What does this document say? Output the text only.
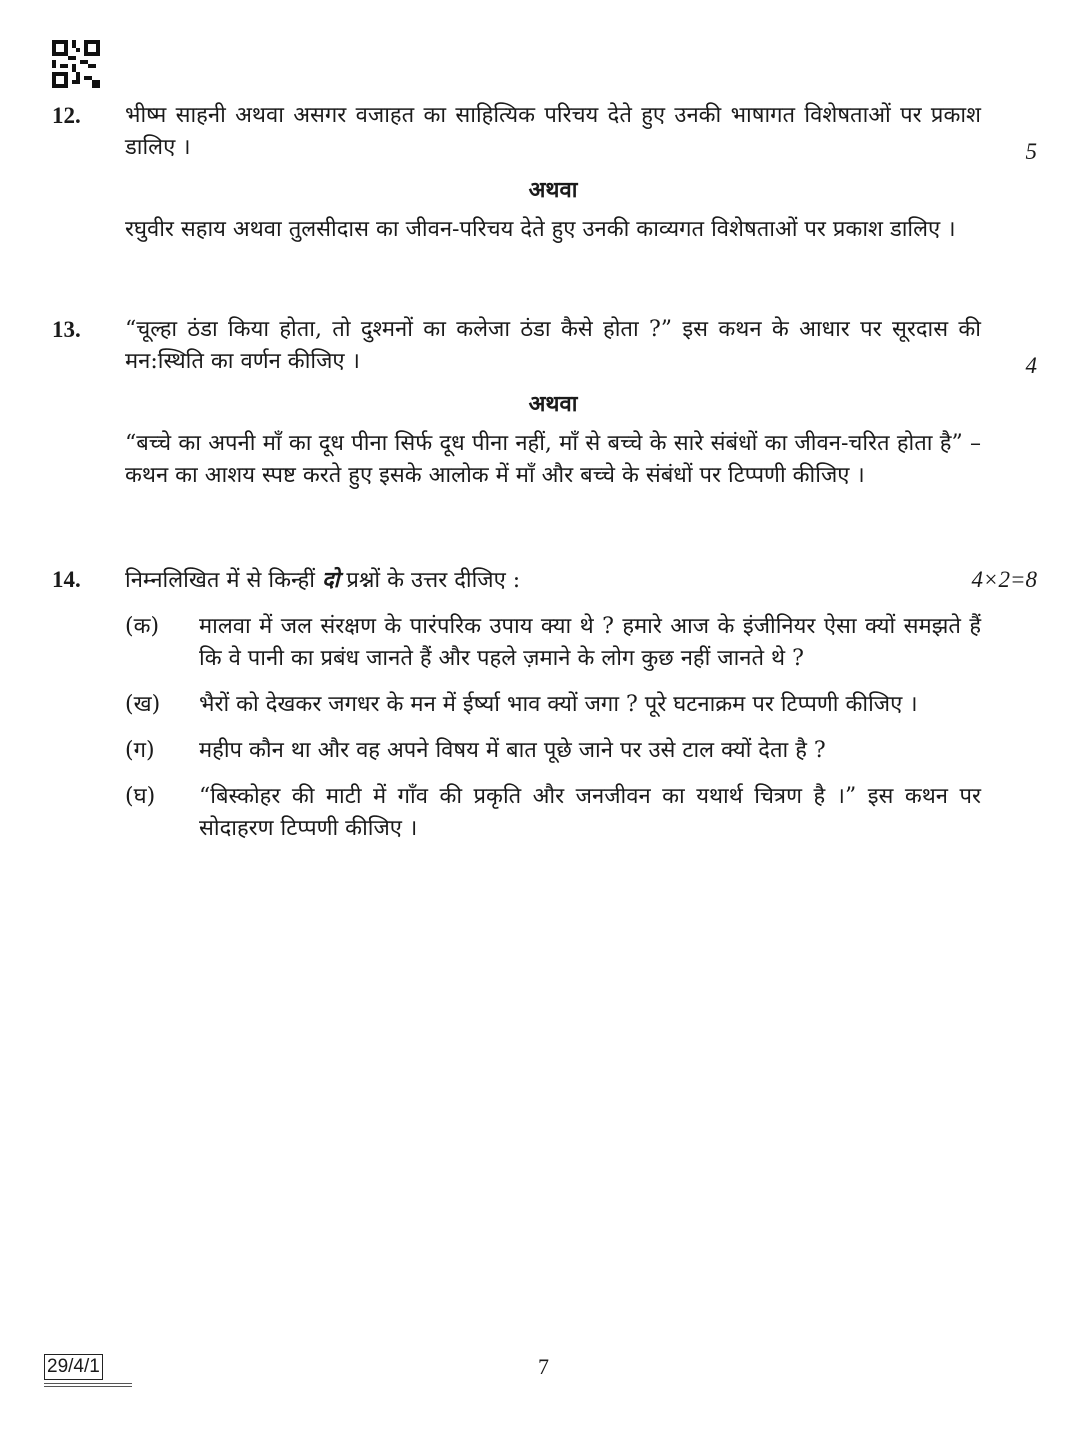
12. भीष्म साहनी अथवा असगर वजाहत का साहित्यिक परिचय देते हुए उनकी भाषागत विशेषताओं पर प्रकाश डालिए ।	5
अथवा
रघुवीर सहाय अथवा तुलसीदास का जीवन-परिचय देते हुए उनकी काव्यगत विशेषताओं पर प्रकाश डालिए ।
13. “चूल्हा ठंडा किया होता, तो दुश्मनों का कलेजा ठंडा कैसे होता ?” इस कथन के आधार पर सूरदास की मन:स्थिति का वर्णन कीजिए ।	4
अथवा
“बच्चे का अपनी माँ का दूध पीना सिर्फ दूध पीना नहीं, माँ से बच्चे के सारे संबंधों का जीवन-चरित होता है” – कथन का आशय स्पष्ट करते हुए इसके आलोक में माँ और बच्चे के संबंधों पर टिप्पणी कीजिए ।
14. निम्नलिखित में से किन्हीं दो प्रश्नों के उत्तर दीजिए :	4×2=8
(क) मालवा में जल संरक्षण के पारंपरिक उपाय क्या थे ? हमारे आज के इंजीनियर ऐसा क्यों समझते हैं कि वे पानी का प्रबंध जानते हैं और पहले ज़माने के लोग कुछ नहीं जानते थे ?
(ख) भैरों को देखकर जगधर के मन में ईर्ष्या भाव क्यों जगा ? पूरे घटनाक्रम पर टिप्पणी कीजिए ।
(ग) महीप कौन था और वह अपने विषय में बात पूछे जाने पर उसे टाल क्यों देता है ?
(घ) “बिस्कोहर की माटी में गाँव की प्रकृति और जनजीवन का यथार्थ चित्रण है ।” इस कथन पर सोदाहरण टिप्पणी कीजिए ।
29/4/1	7
